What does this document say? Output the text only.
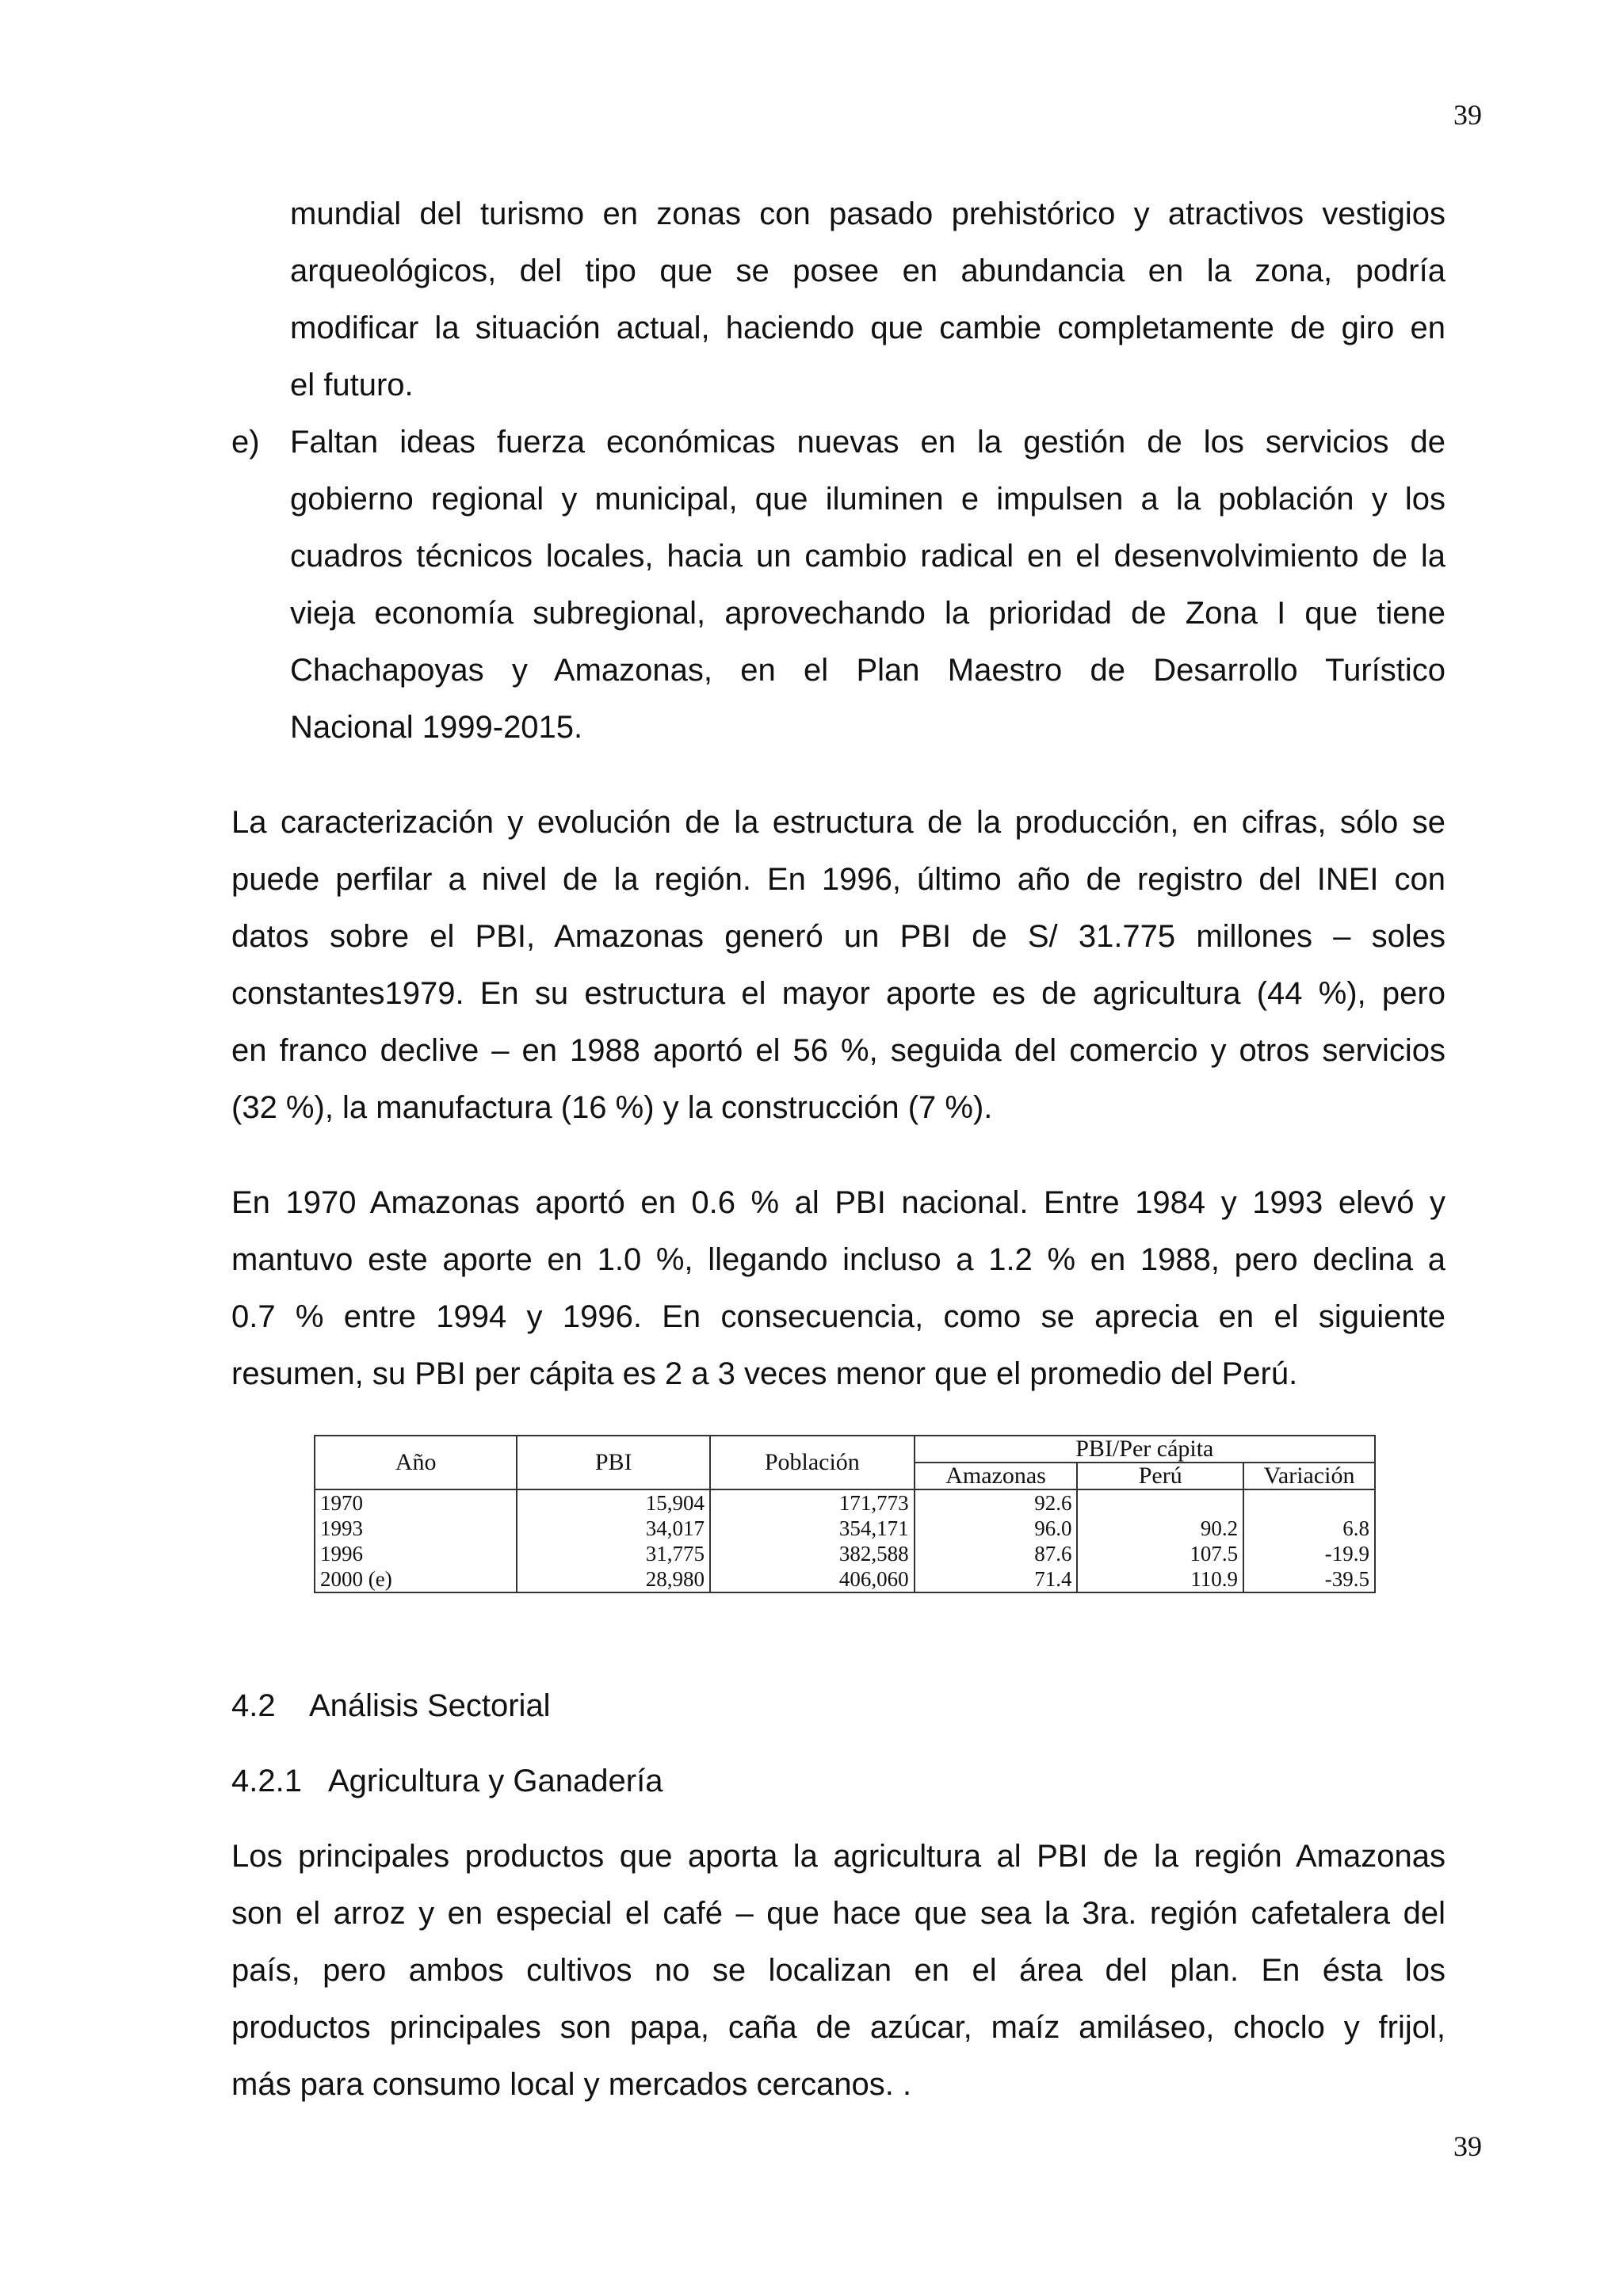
39
mundial del turismo en zonas con pasado prehistórico y atractivos vestigios
arqueológicos, del tipo que se posee en abundancia en la zona, podría
modificar la situación actual, haciendo que cambie completamente de giro en
el futuro.
e) Faltan ideas fuerza económicas nuevas en la gestión de los servicios de
gobierno regional y municipal, que iluminen e impulsen a la población y los
cuadros técnicos locales, hacia un cambio radical en el desenvolvimiento de la
vieja economía subregional, aprovechando la prioridad de Zona I que tiene
Chachapoyas y Amazonas, en el Plan Maestro de Desarrollo Turístico
Nacional 1999-2015.
La caracterización y evolución de la estructura de la producción, en cifras, sólo se
puede perfilar a nivel de la región. En 1996, último año de registro del INEI con
datos sobre el PBI, Amazonas generó un PBI de S/ 31.775 millones – soles
constantes1979. En su estructura el mayor aporte es de agricultura (44 %), pero
en franco declive – en 1988 aportó el 56 %, seguida del comercio y otros servicios
(32 %), la manufactura (16 %) y la construcción (7 %).
En 1970 Amazonas aportó en 0.6 % al PBI nacional. Entre 1984 y 1993 elevó y
mantuvo este aporte en 1.0 %, llegando incluso a 1.2 % en 1988, pero declina a
0.7 % entre 1994 y 1996. En consecuencia, como se aprecia en el siguiente
resumen, su PBI per cápita es 2 a 3 veces menor que el promedio del Perú.
Año	PBI	Población	PBI/Per cápita		
			Amazonas	Perú	Variación
1970	15,904	171,773	92.6		
1993	34,017	354,171	96.0	90.2	6.8
1996	31,775	382,588	87.6	107.5	-19.9
2000 (e)	28,980	406,060	71.4	110.9	-39.5
4.2 Análisis Sectorial
4.2.1 Agricultura y Ganadería
Los principales productos que aporta la agricultura al PBI de la región Amazonas
son el arroz y en especial el café – que hace que sea la 3ra. región cafetalera del
país, pero ambos cultivos no se localizan en el área del plan. En ésta los
productos principales son papa, caña de azúcar, maíz amiláseo, choclo y frijol,
más para consumo local y mercados cercanos. .
39
